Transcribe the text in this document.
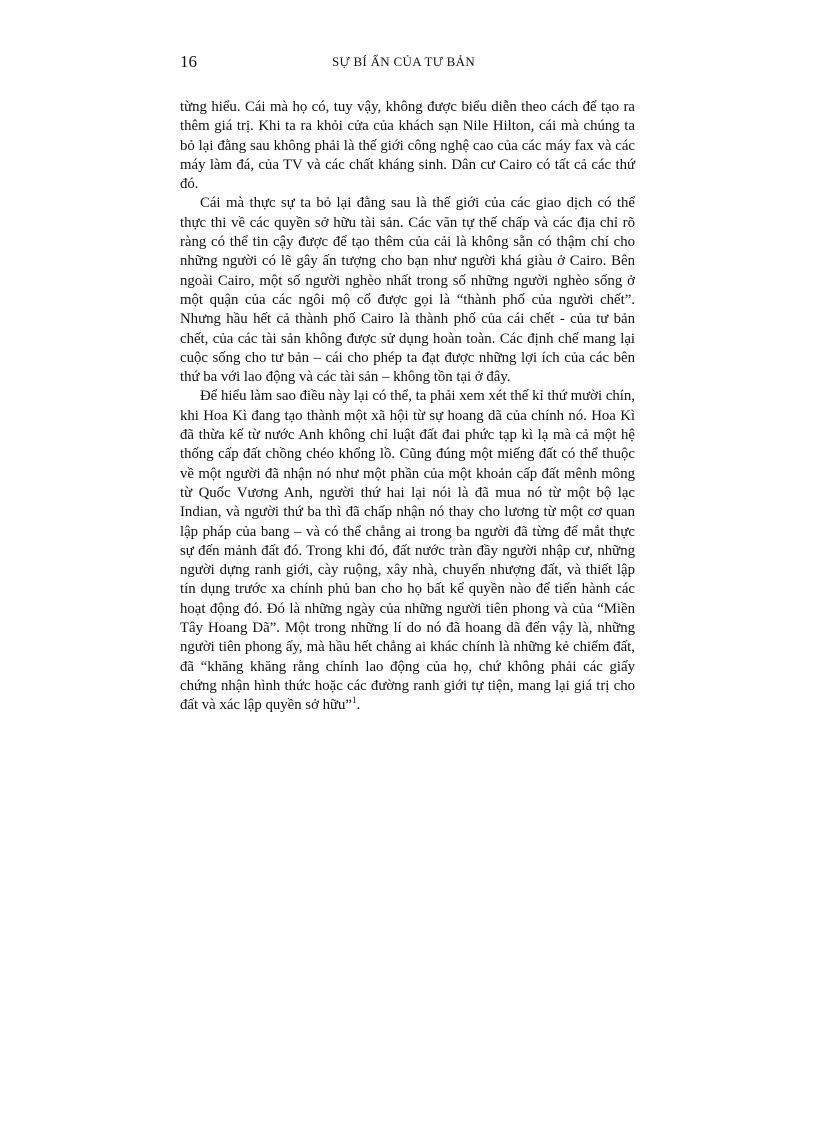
16	SỰ BÍ ẨN CỦA TƯ BẢN

từng hiểu. Cái mà họ có, tuy vậy, không được biểu diễn theo cách để tạo ra thêm giá trị. Khi ta ra khỏi cửa của khách sạn Nile Hilton, cái mà chúng ta bỏ lại đằng sau không phải là thế giới công nghệ cao của các máy fax và các máy làm đá, của TV và các chất kháng sinh. Dân cư Cairo có tất cả các thứ đó.

Cái mà thực sự ta bỏ lại đằng sau là thế giới của các giao dịch có thể thực thi về các quyền sở hữu tài sản. Các văn tự thế chấp và các địa chỉ rõ ràng có thể tin cậy được để tạo thêm của cải là không sẵn có thậm chí cho những người có lẽ gây ấn tượng cho bạn như người khá giàu ở Cairo. Bên ngoài Cairo, một số người nghèo nhất trong số những người nghèo sống ở một quận của các ngôi mộ cổ được gọi là “thành phố của người chết”. Nhưng hầu hết cả thành phố Cairo là thành phố của cái chết - của tư bản chết, của các tài sản không được sử dụng hoàn toàn. Các định chế mang lại cuộc sống cho tư bản – cái cho phép ta đạt được những lợi ích của các bên thứ ba với lao động và các tài sản – không tồn tại ở đây.

Để hiểu làm sao điều này lại có thể, ta phải xem xét thế kỉ thứ mười chín, khi Hoa Kì đang tạo thành một xã hội từ sự hoang dã của chính nó. Hoa Kì đã thừa kế từ nước Anh không chỉ luật đất đai phức tạp kì lạ mà cả một hệ thống cấp đất chồng chéo khổng lồ. Cũng đúng một miếng đất có thể thuộc về một người đã nhận nó như một phần của một khoản cấp đất mênh mông từ Quốc Vương Anh, người thứ hai lại nói là đã mua nó từ một bộ lạc Indian, và người thứ ba thì đã chấp nhận nó thay cho lương từ một cơ quan lập pháp của bang – và có thể chẳng ai trong ba người đã từng để mắt thực sự đến mảnh đất đó. Trong khi đó, đất nước tràn đầy người nhập cư, những người dựng ranh giới, cày ruộng, xây nhà, chuyển nhượng đất, và thiết lập tín dụng trước xa chính phủ ban cho họ bất kể quyền nào để tiến hành các hoạt động đó. Đó là những ngày của những người tiên phong và của “Miền Tây Hoang Dã”. Một trong những lí do nó đã hoang dã đến vậy là, những người tiên phong ấy, mà hầu hết chẳng ai khác chính là những kẻ chiếm đất, đã “khăng khăng rằng chính lao động của họ, chứ không phải các giấy chứng nhận hình thức hoặc các đường ranh giới tự tiện, mang lại giá trị cho đất và xác lập quyền sở hữu”$^1$.
